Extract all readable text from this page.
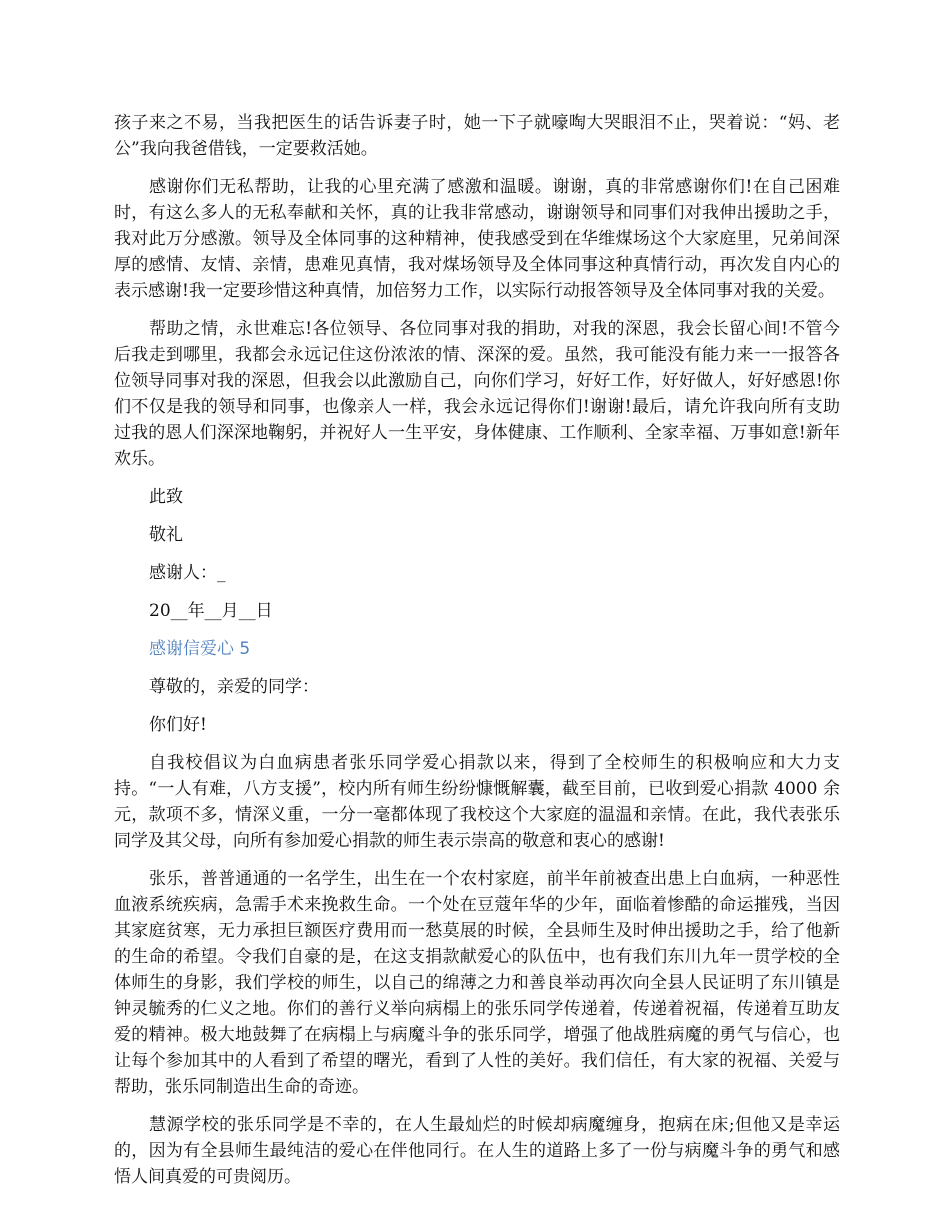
孩子来之不易，当我把医生的话告诉妻子时，她一下子就嚎啕大哭眼泪不止，哭着说：“妈、老公”我向我爸借钱，一定要救活她。

感谢你们无私帮助，让我的心里充满了感激和温暖。谢谢，真的非常感谢你们!在自己困难时，有这么多人的无私奉献和关怀，真的让我非常感动，谢谢领导和同事们对我伸出援助之手，我对此万分感激。领导及全体同事的这种精神，使我感受到在华维煤场这个大家庭里，兄弟间深厚的感情、友情、亲情，患难见真情，我对煤场领导及全体同事这种真情行动，再次发自内心的表示感谢!我一定要珍惜这种真情，加倍努力工作，以实际行动报答领导及全体同事对我的关爱。

帮助之情，永世难忘!各位领导、各位同事对我的捐助，对我的深恩，我会长留心间!不管今后我走到哪里，我都会永远记住这份浓浓的情、深深的爱。虽然，我可能没有能力来一一报答各位领导同事对我的深恩，但我会以此激励自己，向你们学习，好好工作，好好做人，好好感恩!你们不仅是我的领导和同事，也像亲人一样，我会永远记得你们!谢谢!最后，请允许我向所有支助过我的恩人们深深地鞠躬，并祝好人一生平安，身体健康、工作顺利、全家幸福、万事如意!新年欢乐。

此致

敬礼

感谢人：_

20__年__月__日

感谢信爱心 5

尊敬的，亲爱的同学：

你们好!

自我校倡议为白血病患者张乐同学爱心捐款以来，得到了全校师生的积极响应和大力支持。“一人有难，八方支援”，校内所有师生纷纷慷慨解囊，截至目前，已收到爱心捐款 4000 余元，款项不多，情深义重，一分一毫都体现了我校这个大家庭的温温和亲情。在此，我代表张乐同学及其父母，向所有参加爱心捐款的师生表示崇高的敬意和衷心的感谢!

张乐，普普通通的一名学生，出生在一个农村家庭，前半年前被查出患上白血病，一种恶性血液系统疾病，急需手术来挽救生命。一个处在豆蔻年华的少年，面临着惨酷的命运摧残，当因其家庭贫寒，无力承担巨额医疗费用而一愁莫展的时候，全县师生及时伸出援助之手，给了他新的生命的希望。令我们自豪的是，在这支捐款献爱心的队伍中，也有我们东川九年一贯学校的全体师生的身影，我们学校的师生，以自己的绵薄之力和善良举动再次向全县人民证明了东川镇是钟灵毓秀的仁义之地。你们的善行义举向病榻上的张乐同学传递着，传递着祝福，传递着互助友爱的精神。极大地鼓舞了在病榻上与病魔斗争的张乐同学，增强了他战胜病魔的勇气与信心，也让每个参加其中的人看到了希望的曙光，看到了人性的美好。我们信任，有大家的祝福、关爱与帮助，张乐同制造出生命的奇迹。

慧源学校的张乐同学是不幸的，在人生最灿烂的时候却病魔缠身，抱病在床;但他又是幸运的，因为有全县师生最纯洁的爱心在伴他同行。在人生的道路上多了一份与病魔斗争的勇气和感悟人间真爱的可贵阅历。
